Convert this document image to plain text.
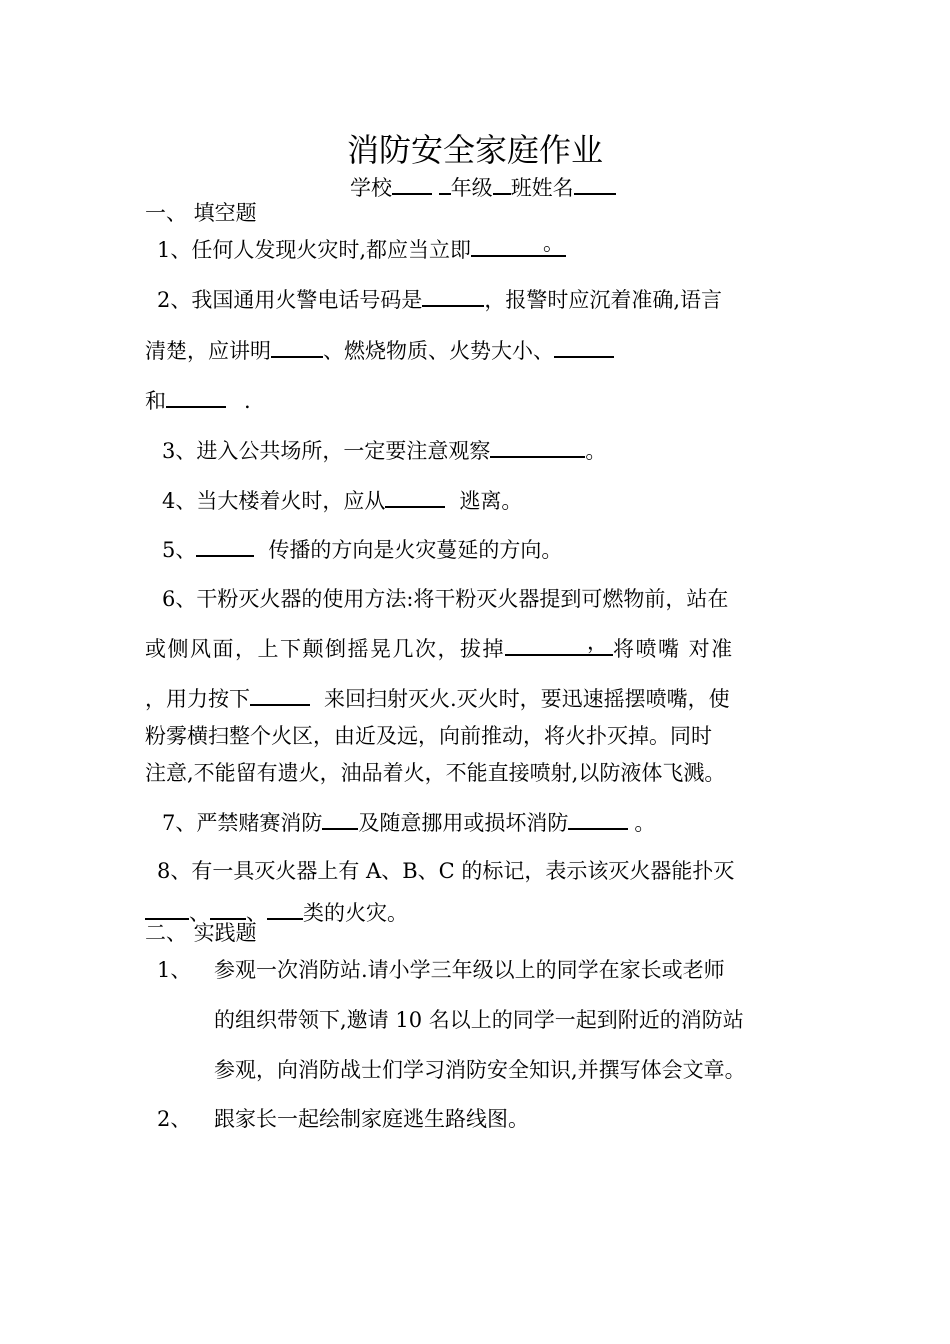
消防安全家庭作业
学校	年级 班姓名
一、 填空题
1、任何人发现火灾时,都应当立即	。
2、我国通用火警电话号码是	，报警时应沉着准确,语言
清楚，应讲明 、燃烧物质、火势大小、
和	.
3、进入公共场所，一定要注意观察	。
4、当大楼着火时，应从	逃离。
5、	传播的方向是火灾蔓延的方向。
6、干粉灭火器的使用方法:将干粉灭火器提到可燃物前，站在
或侧风面，上下颠倒摇晃几次，拔掉	， 将喷嘴 对准
，用力按下	来回扫射灭火.灭火时，要迅速摇摆喷嘴，使
粉雾横扫整个火区，由近及远，向前推动，将火扑灭掉。同时
注意,不能留有遗火，油品着火，不能直接喷射,以防液体飞溅。
7、严禁赌赛消防 及随意挪用或损坏消防	。
8、有一具灭火器上有 A、B、C 的标记，表示该灭火器能扑灭
、 、 类的火灾。
二、 实践题
1、 参观一次消防站.请小学三年级以上的同学在家长或老师
的组织带领下,邀请 10 名以上的同学一起到附近的消防站
参观，向消防战士们学习消防安全知识,并撰写体会文章。
2、 跟家长一起绘制家庭逃生路线图。
